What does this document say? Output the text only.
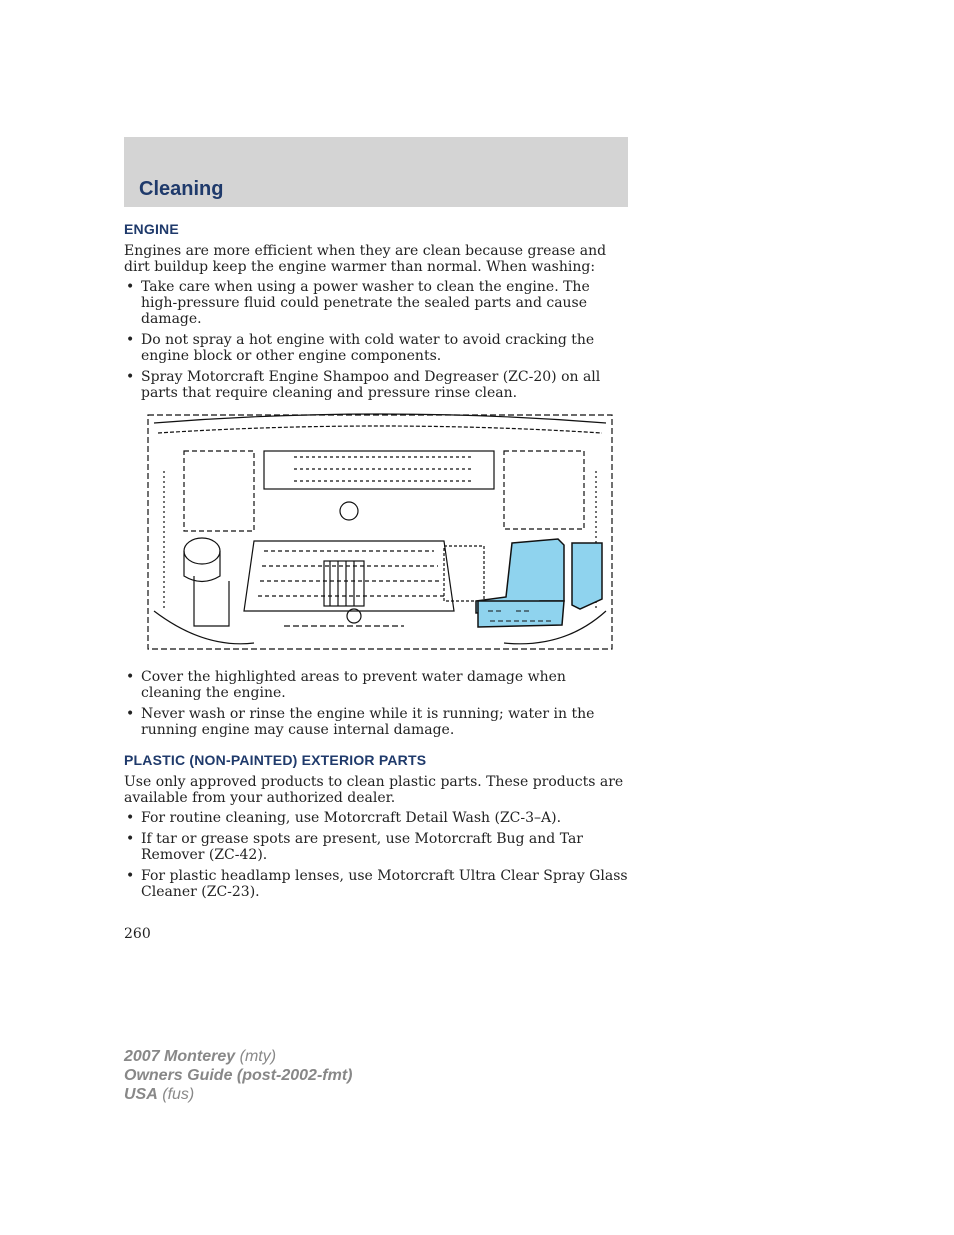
Cleaning
ENGINE

Engines are more efficient when they are clean because grease and dirt buildup keep the engine warmer than normal. When washing:

• Take care when using a power washer to clean the engine. The high-pressure fluid could penetrate the sealed parts and cause damage.
• Do not spray a hot engine with cold water to avoid cracking the engine block or other engine components.
• Spray Motorcraft Engine Shampoo and Degreaser (ZC-20) on all parts that require cleaning and pressure rinse clean.
• Cover the highlighted areas to prevent water damage when cleaning the engine.
• Never wash or rinse the engine while it is running; water in the running engine may cause internal damage.
PLASTIC (NON-PAINTED) EXTERIOR PARTS

Use only approved products to clean plastic parts. These products are available from your authorized dealer.

• For routine cleaning, use Motorcraft Detail Wash (ZC-3–A).
• If tar or grease spots are present, use Motorcraft Bug and Tar Remover (ZC-42).
• For plastic headlamp lenses, use Motorcraft Ultra Clear Spray Glass Cleaner (ZC-23).
260
2007 Monterey (mty)
Owners Guide (post-2002-fmt)
USA (fus)
